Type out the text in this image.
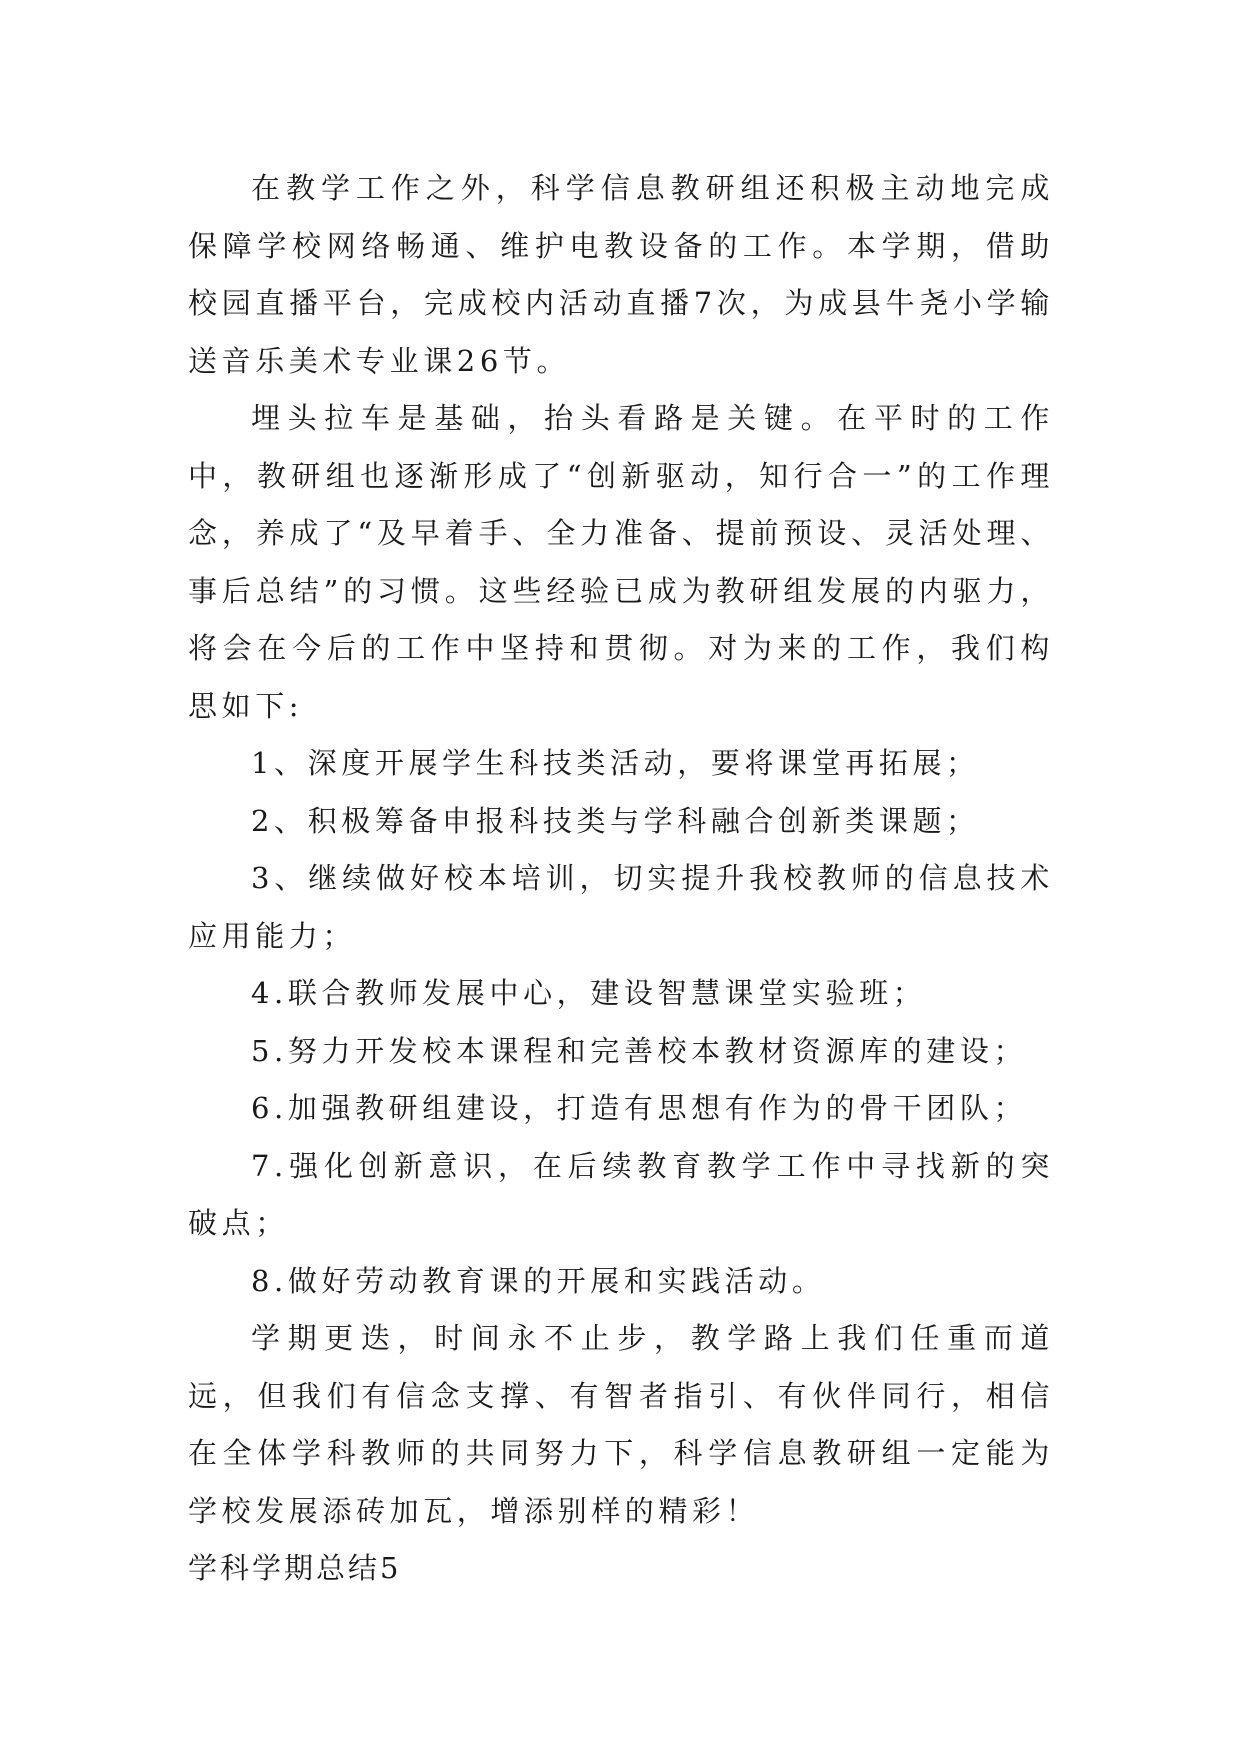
在教学工作之外，科学信息教研组还积极主动地完成保障学校网络畅通、维护电教设备的工作。本学期，借助校园直播平台，完成校内活动直播7次，为成县牛尧小学输送音乐美术专业课26节。

埋头拉车是基础，抬头看路是关键。在平时的工作中，教研组也逐渐形成了“创新驱动，知行合一”的工作理念，养成了“及早着手、全力准备、提前预设、灵活处理、事后总结”的习惯。这些经验已成为教研组发展的内驱力，将会在今后的工作中坚持和贯彻。对为来的工作，我们构思如下:

1、深度开展学生科技类活动，要将课堂再拓展；

2、积极筹备申报科技类与学科融合创新类课题；

3、继续做好校本培训，切实提升我校教师的信息技术应用能力；

4.联合教师发展中心，建设智慧课堂实验班；

5.努力开发校本课程和完善校本教材资源库的建设；

6.加强教研组建设，打造有思想有作为的骨干团队；

7.强化创新意识，在后续教育教学工作中寻找新的突破点；

8.做好劳动教育课的开展和实践活动。

学期更迭，时间永不止步，教学路上我们任重而道远，但我们有信念支撑、有智者指引、有伙伴同行，相信在全体学科教师的共同努力下，科学信息教研组一定能为学校发展添砖加瓦，增添别样的精彩！

学科学期总结5
